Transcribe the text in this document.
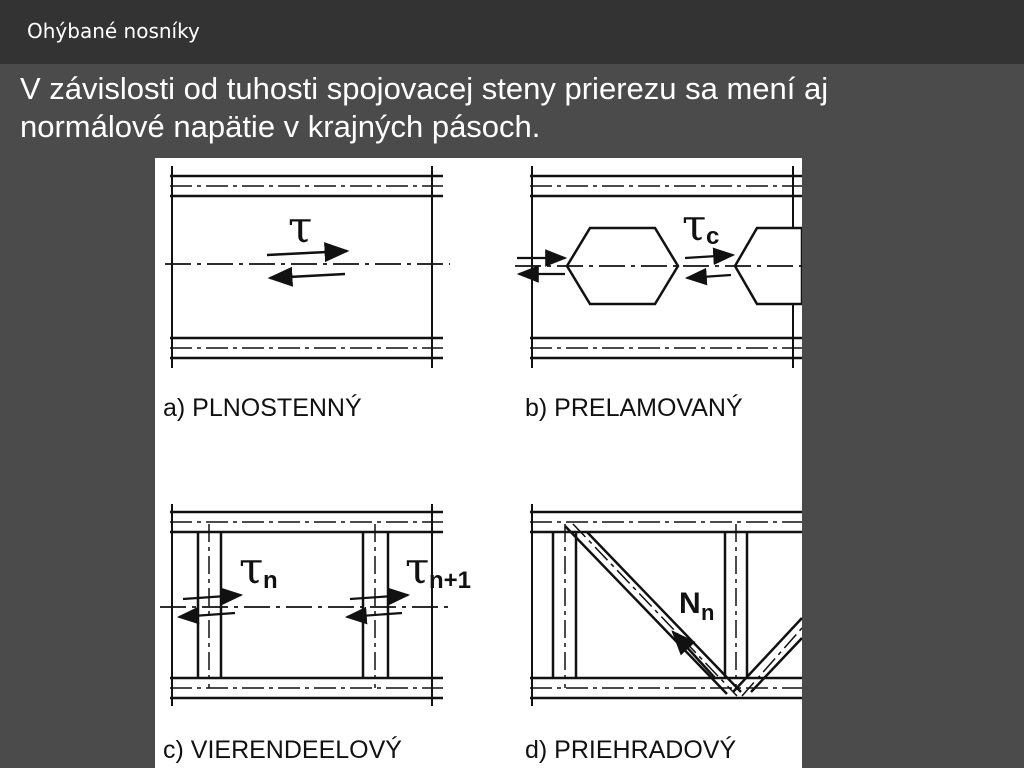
Ohýbané nosníky
V závislosti od tuhosti spojovacej steny prierezu sa mení aj
normálové napätie v krajných pásoch.
τ
a) PLNOSTENNÝ
τ c
b) PRELAMOVANÝ
τ n	τ n+1
c) VIERENDEELOVÝ
N n
d) PRIEHRADOVÝ
